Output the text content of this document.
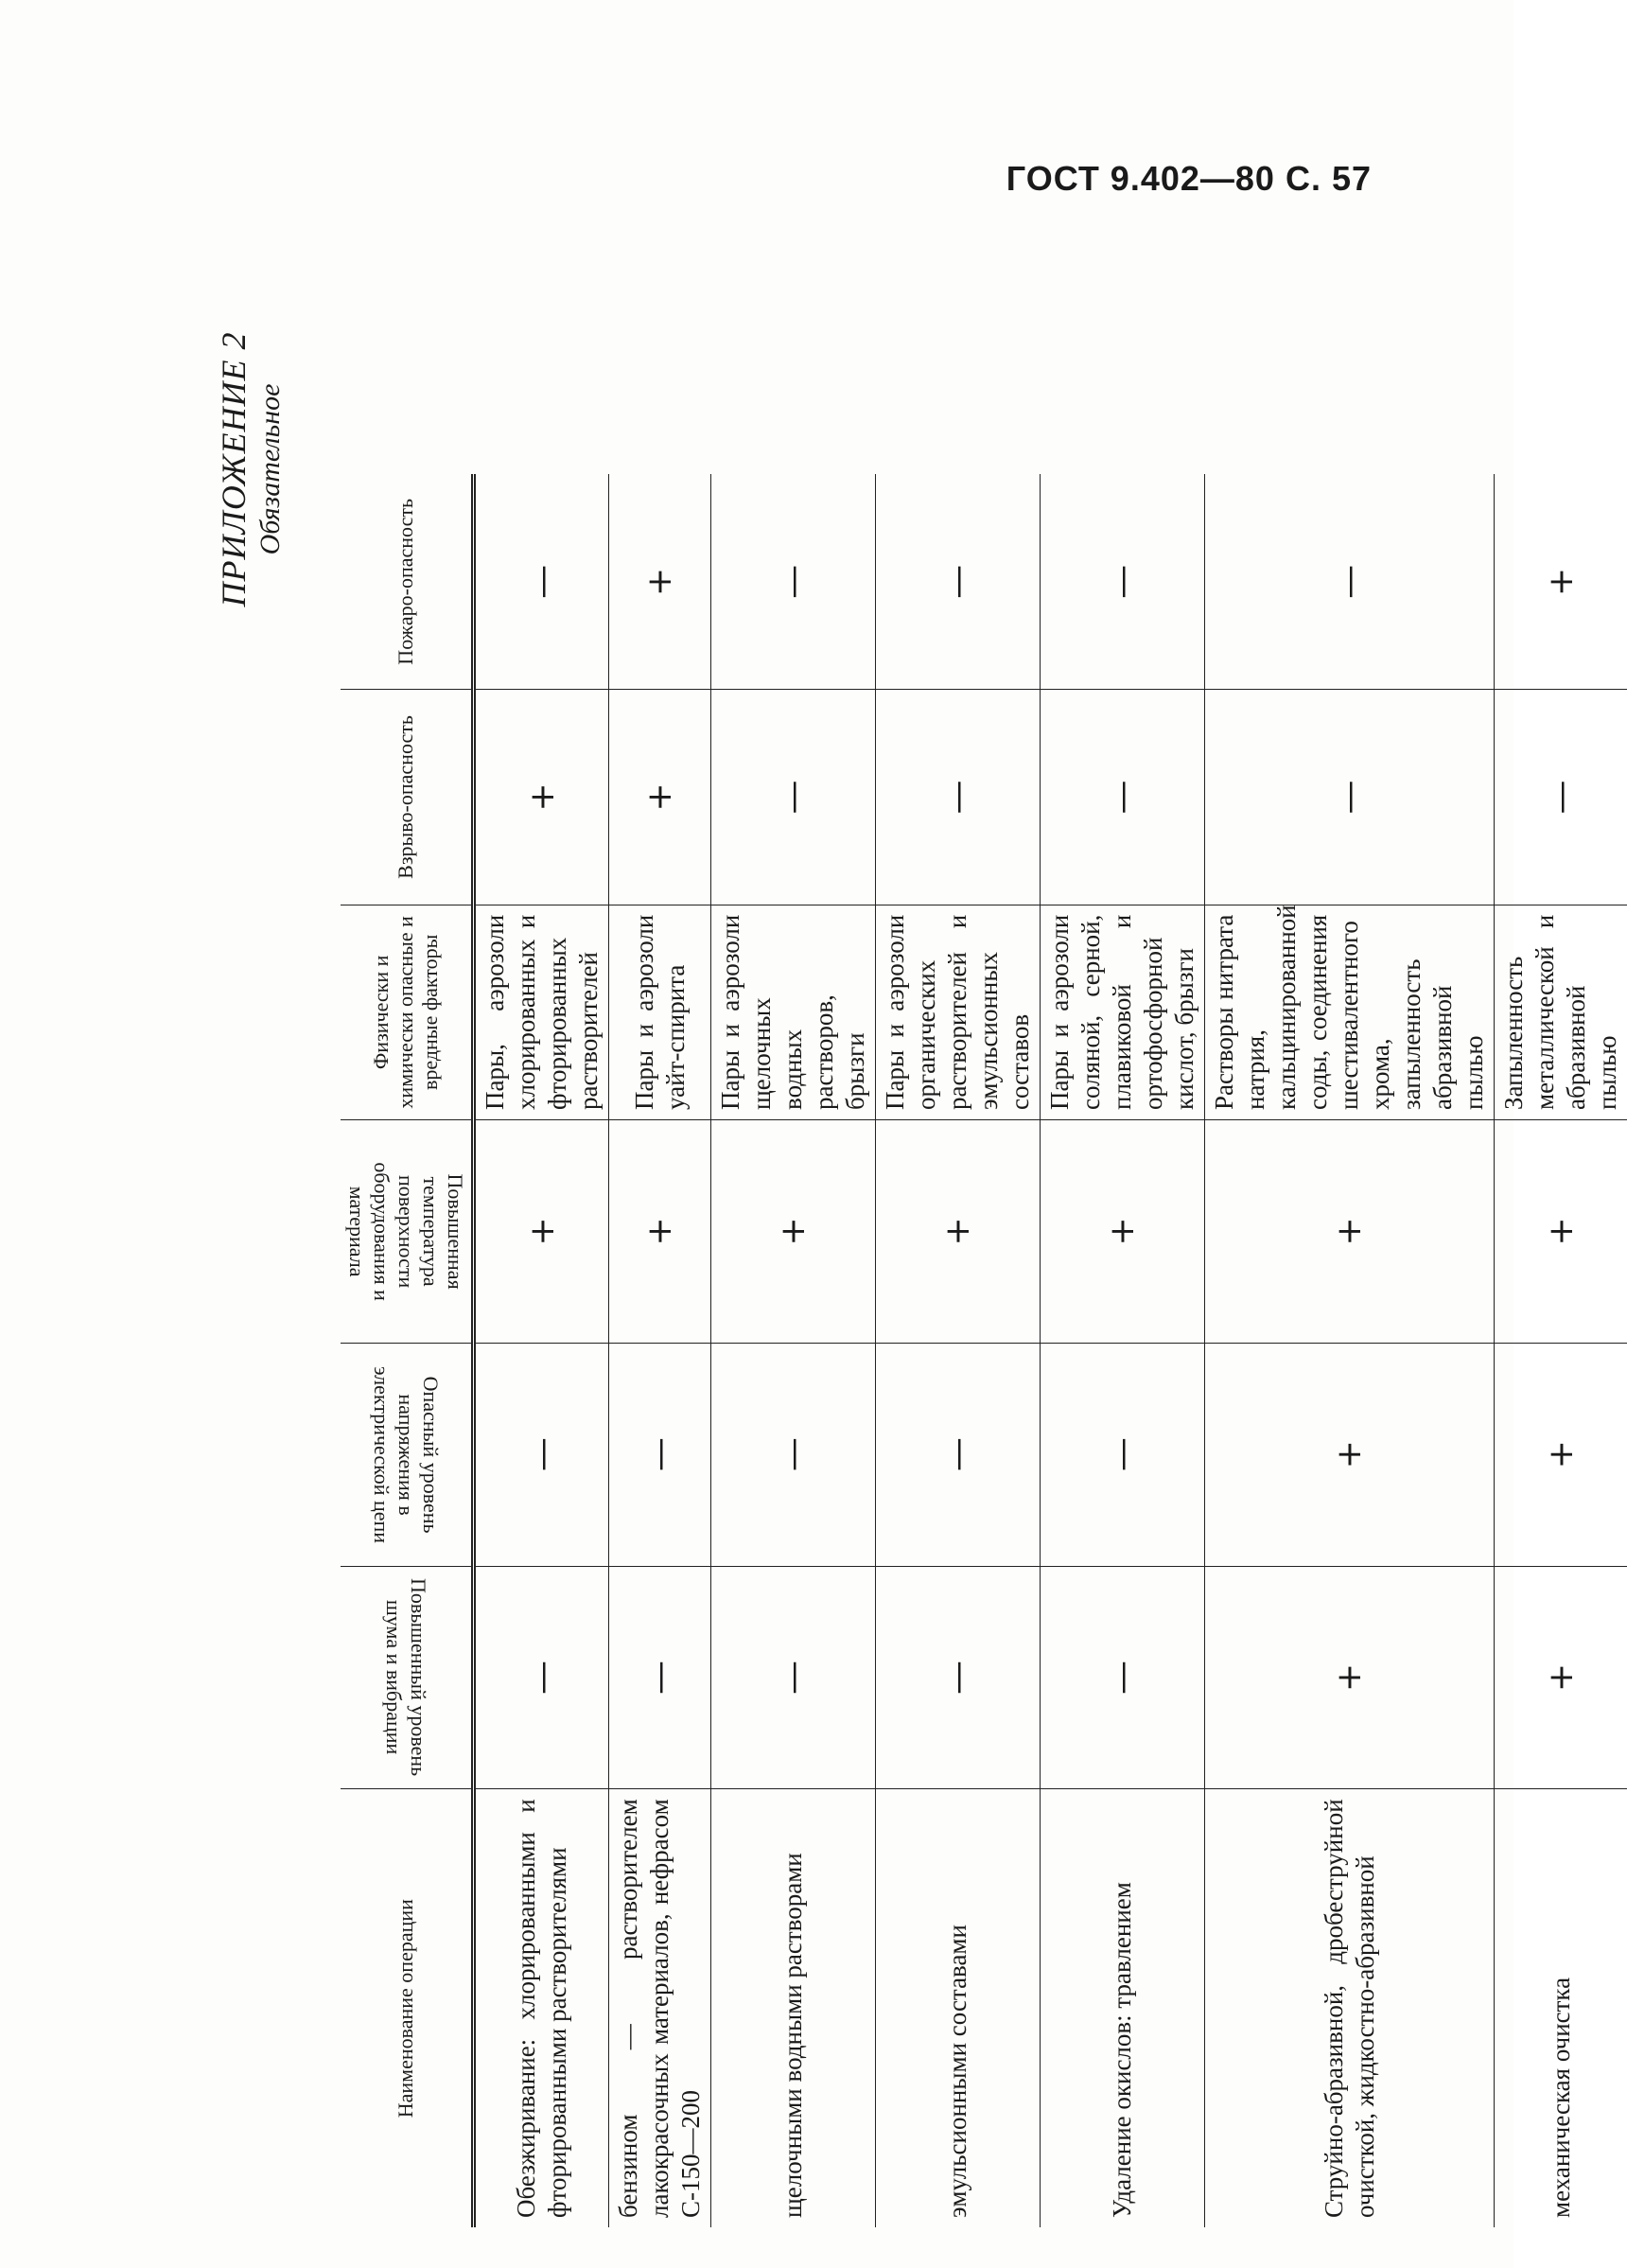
ГОСТ 9.402—80 С. 57
ПРИЛОЖЕНИЕ 2 Обязательное
Наименование операции	Повышенный уровень шума и вибрации	Опасный уровень напряжения в электрической цепи	Повышенная температура поверхности оборудования и материала	Физически и химически опасные и вредные факторы	Взрыво-опасность	Пожаро-опасность
Обезжиривание: хлорированными и фторированными растворителями	—	—	+	Пары, аэрозоли хлорированных и фторированных растворителей	+	—
бензином — растворителем лакокрасочных материалов, нефрасом С-150—200	—	—	+	Пары и аэрозоли уайт-спирита	+	+
щелочными водными растворами	—	—	+	Пары и аэрозоли щелочных водных растворов, брызги	—	—
эмульсионными составами	—	—	+	Пары и аэрозоли органических растворителей и эмульсионных составов	—	—
Удаление окислов: травлением	—	—	+	Пары и аэрозоли соляной, серной, плавиковой и ортофосфорной кислот, брызги	—	—
Струйно-абразивной, дробеструйной очисткой, жидкостно-абразивной	+	+	+	Растворы нитрата натрия, кальцинированной соды, соединения шестивалентного хрома, запыленность абразивной пылью	—	—
механическая очистка	+	+	+	Запыленность металлической и абразивной пылью	—	+
